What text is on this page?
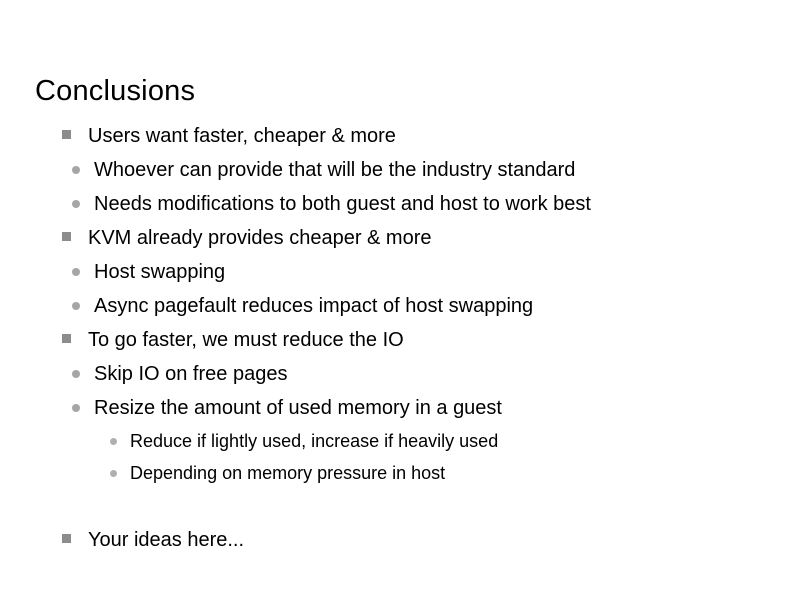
Conclusions
Users want faster, cheaper & more
Whoever can provide that will be the industry standard
Needs modifications to both guest and host to work best
KVM already provides cheaper & more
Host swapping
Async pagefault reduces impact of host swapping
To go faster, we must reduce the IO
Skip IO on free pages
Resize the amount of used memory in a guest
Reduce if lightly used, increase if heavily used
Depending on memory pressure in host
Your ideas here...
